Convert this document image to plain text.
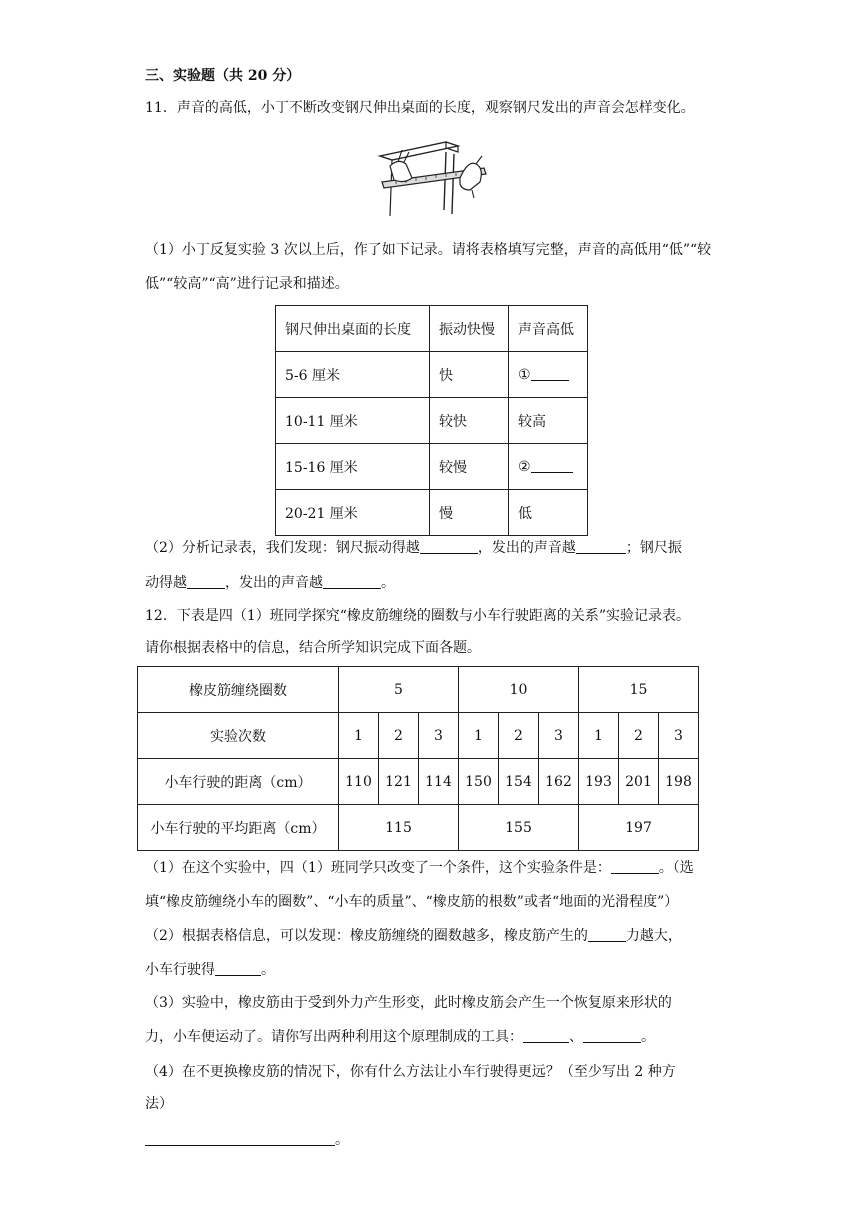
三、实验题（共 20 分）
11．声音的高低，小丁不断改变钢尺伸出桌面的长度，观察钢尺发出的声音会怎样变化。
（1）小丁反复实验 3 次以上后，作了如下记录。请将表格填写完整，声音的高低用“低”“较
低”“较高”“高”进行记录和描述。
钢尺伸出桌面的长度	振动快慢	声音高低
5-6 厘米	快	①
10-11 厘米	较快	较高
15-16 厘米	较慢	②
20-21 厘米	慢	低
（2）分析记录表，我们发现：钢尺振动得越	，发出的声音越	；钢尺振
动得越	，发出的声音越	。
12．下表是四（1）班同学探究“橡皮筋缠绕的圈数与小车行驶距离的关系”实验记录表。
请你根据表格中的信息，结合所学知识完成下面各题。
橡皮筋缠绕圈数	5			10			15		
实验次数	1	2	3	1	2	3	1	2	3
小车行驶的距离（cm）	110	121	114	150	154	162	193	201	198
小车行驶的平均距离（cm）	115			155			197		
（1）在这个实验中，四（1）班同学只改变了一个条件，这个实验条件是：	。（选
填“橡皮筋缠绕小车的圈数”、“小车的质量”、“橡皮筋的根数”或者“地面的光滑程度”）
（2）根据表格信息，可以发现：橡皮筋缠绕的圈数越多，橡皮筋产生的	力越大，
小车行驶得	。
（3）实验中，橡皮筋由于受到外力产生形变，此时橡皮筋会产生一个恢复原来形状的
力，小车便运动了。请你写出两种利用这个原理制成的工具：	、	。
（4）在不更换橡皮筋的情况下，你有什么方法让小车行驶得更远？（至少写出 2 种方
法）
。
